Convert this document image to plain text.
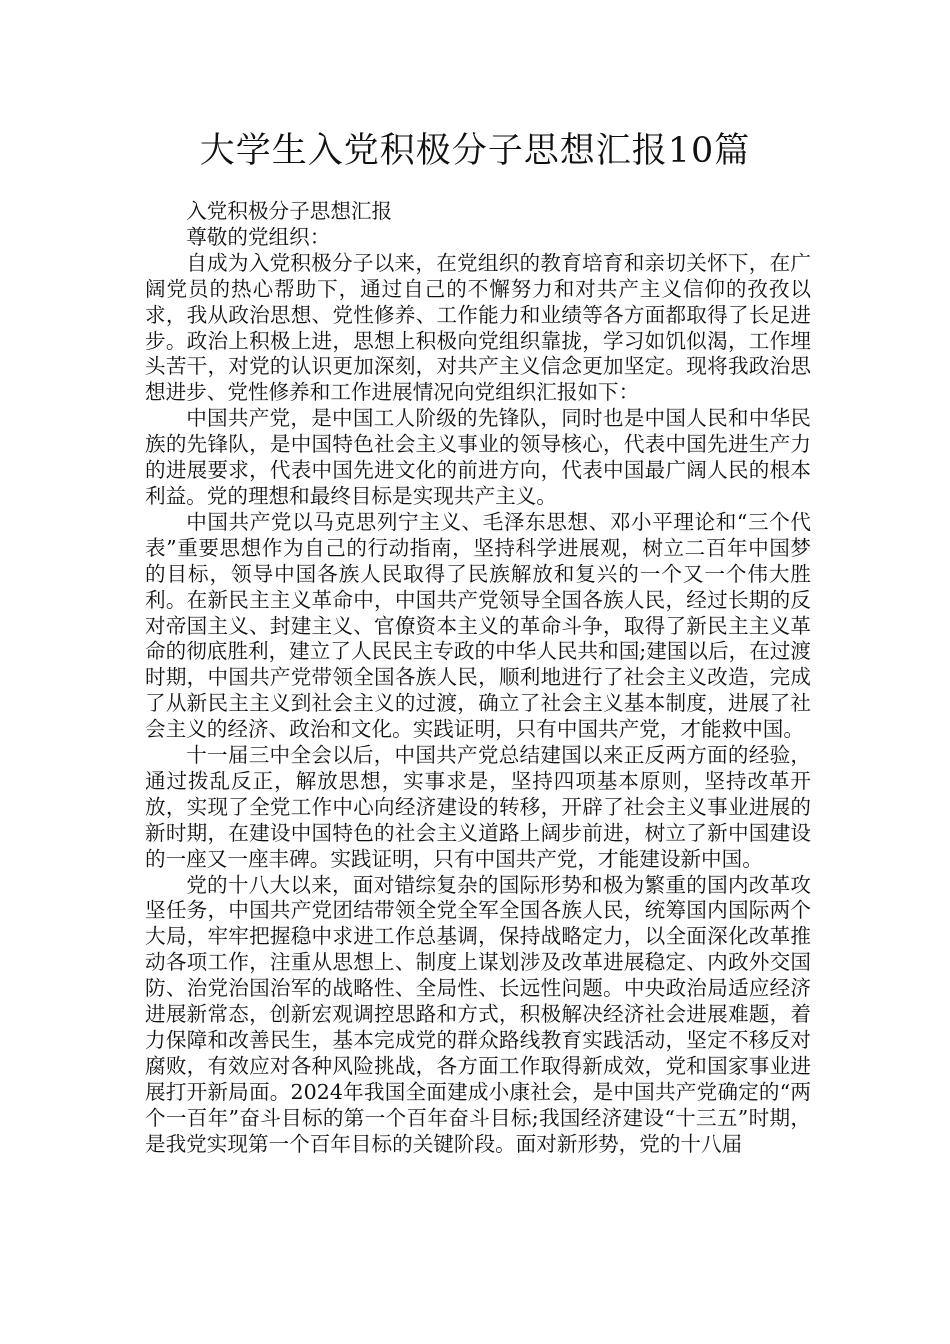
大学生入党积极分子思想汇报10篇

入党积极分子思想汇报

尊敬的党组织：

自成为入党积极分子以来，在党组织的教育培育和亲切关怀下，在广阔党员的热心帮助下，通过自己的不懈努力和对共产主义信仰的孜孜以求，我从政治思想、党性修养、工作能力和业绩等各方面都取得了长足进步。政治上积极上进，思想上积极向党组织靠拢，学习如饥似渴，工作埋头苦干，对党的认识更加深刻，对共产主义信念更加坚定。现将我政治思想进步、党性修养和工作进展情况向党组织汇报如下：

中国共产党，是中国工人阶级的先锋队，同时也是中国人民和中华民族的先锋队，是中国特色社会主义事业的领导核心，代表中国先进生产力的进展要求，代表中国先进文化的前进方向，代表中国最广阔人民的根本利益。党的理想和最终目标是实现共产主义。

中国共产党以马克思列宁主义、毛泽东思想、邓小平理论和“三个代表”重要思想作为自己的行动指南，坚持科学进展观，树立二百年中国梦的目标，领导中国各族人民取得了民族解放和复兴的一个又一个伟大胜利。在新民主主义革命中，中国共产党领导全国各族人民，经过长期的反对帝国主义、封建主义、官僚资本主义的革命斗争，取得了新民主主义革命的彻底胜利，建立了人民民主专政的中华人民共和国;建国以后，在过渡时期，中国共产党带领全国各族人民，顺利地进行了社会主义改造，完成了从新民主主义到社会主义的过渡，确立了社会主义基本制度，进展了社会主义的经济、政治和文化。实践证明，只有中国共产党，才能救中国。

十一届三中全会以后，中国共产党总结建国以来正反两方面的经验，通过拨乱反正，解放思想，实事求是，坚持四项基本原则，坚持改革开放，实现了全党工作中心向经济建设的转移，开辟了社会主义事业进展的新时期，在建设中国特色的社会主义道路上阔步前进，树立了新中国建设的一座又一座丰碑。实践证明，只有中国共产党，才能建设新中国。

党的十八大以来，面对错综复杂的国际形势和极为繁重的国内改革攻坚任务，中国共产党团结带领全党全军全国各族人民，统筹国内国际两个大局，牢牢把握稳中求进工作总基调，保持战略定力，以全面深化改革推动各项工作，注重从思想上、制度上谋划涉及改革进展稳定、内政外交国防、治党治国治军的战略性、全局性、长远性问题。中央政治局适应经济进展新常态，创新宏观调控思路和方式，积极解决经济社会进展难题，着力保障和改善民生，基本完成党的群众路线教育实践活动，坚定不移反对腐败，有效应对各种风险挑战，各方面工作取得新成效，党和国家事业进展打开新局面。2024年我国全面建成小康社会，是中国共产党确定的“两个一百年”奋斗目标的第一个百年奋斗目标;我国经济建设“十三五”时期，是我党实现第一个百年目标的关键阶段。面对新形势，党的十八届
